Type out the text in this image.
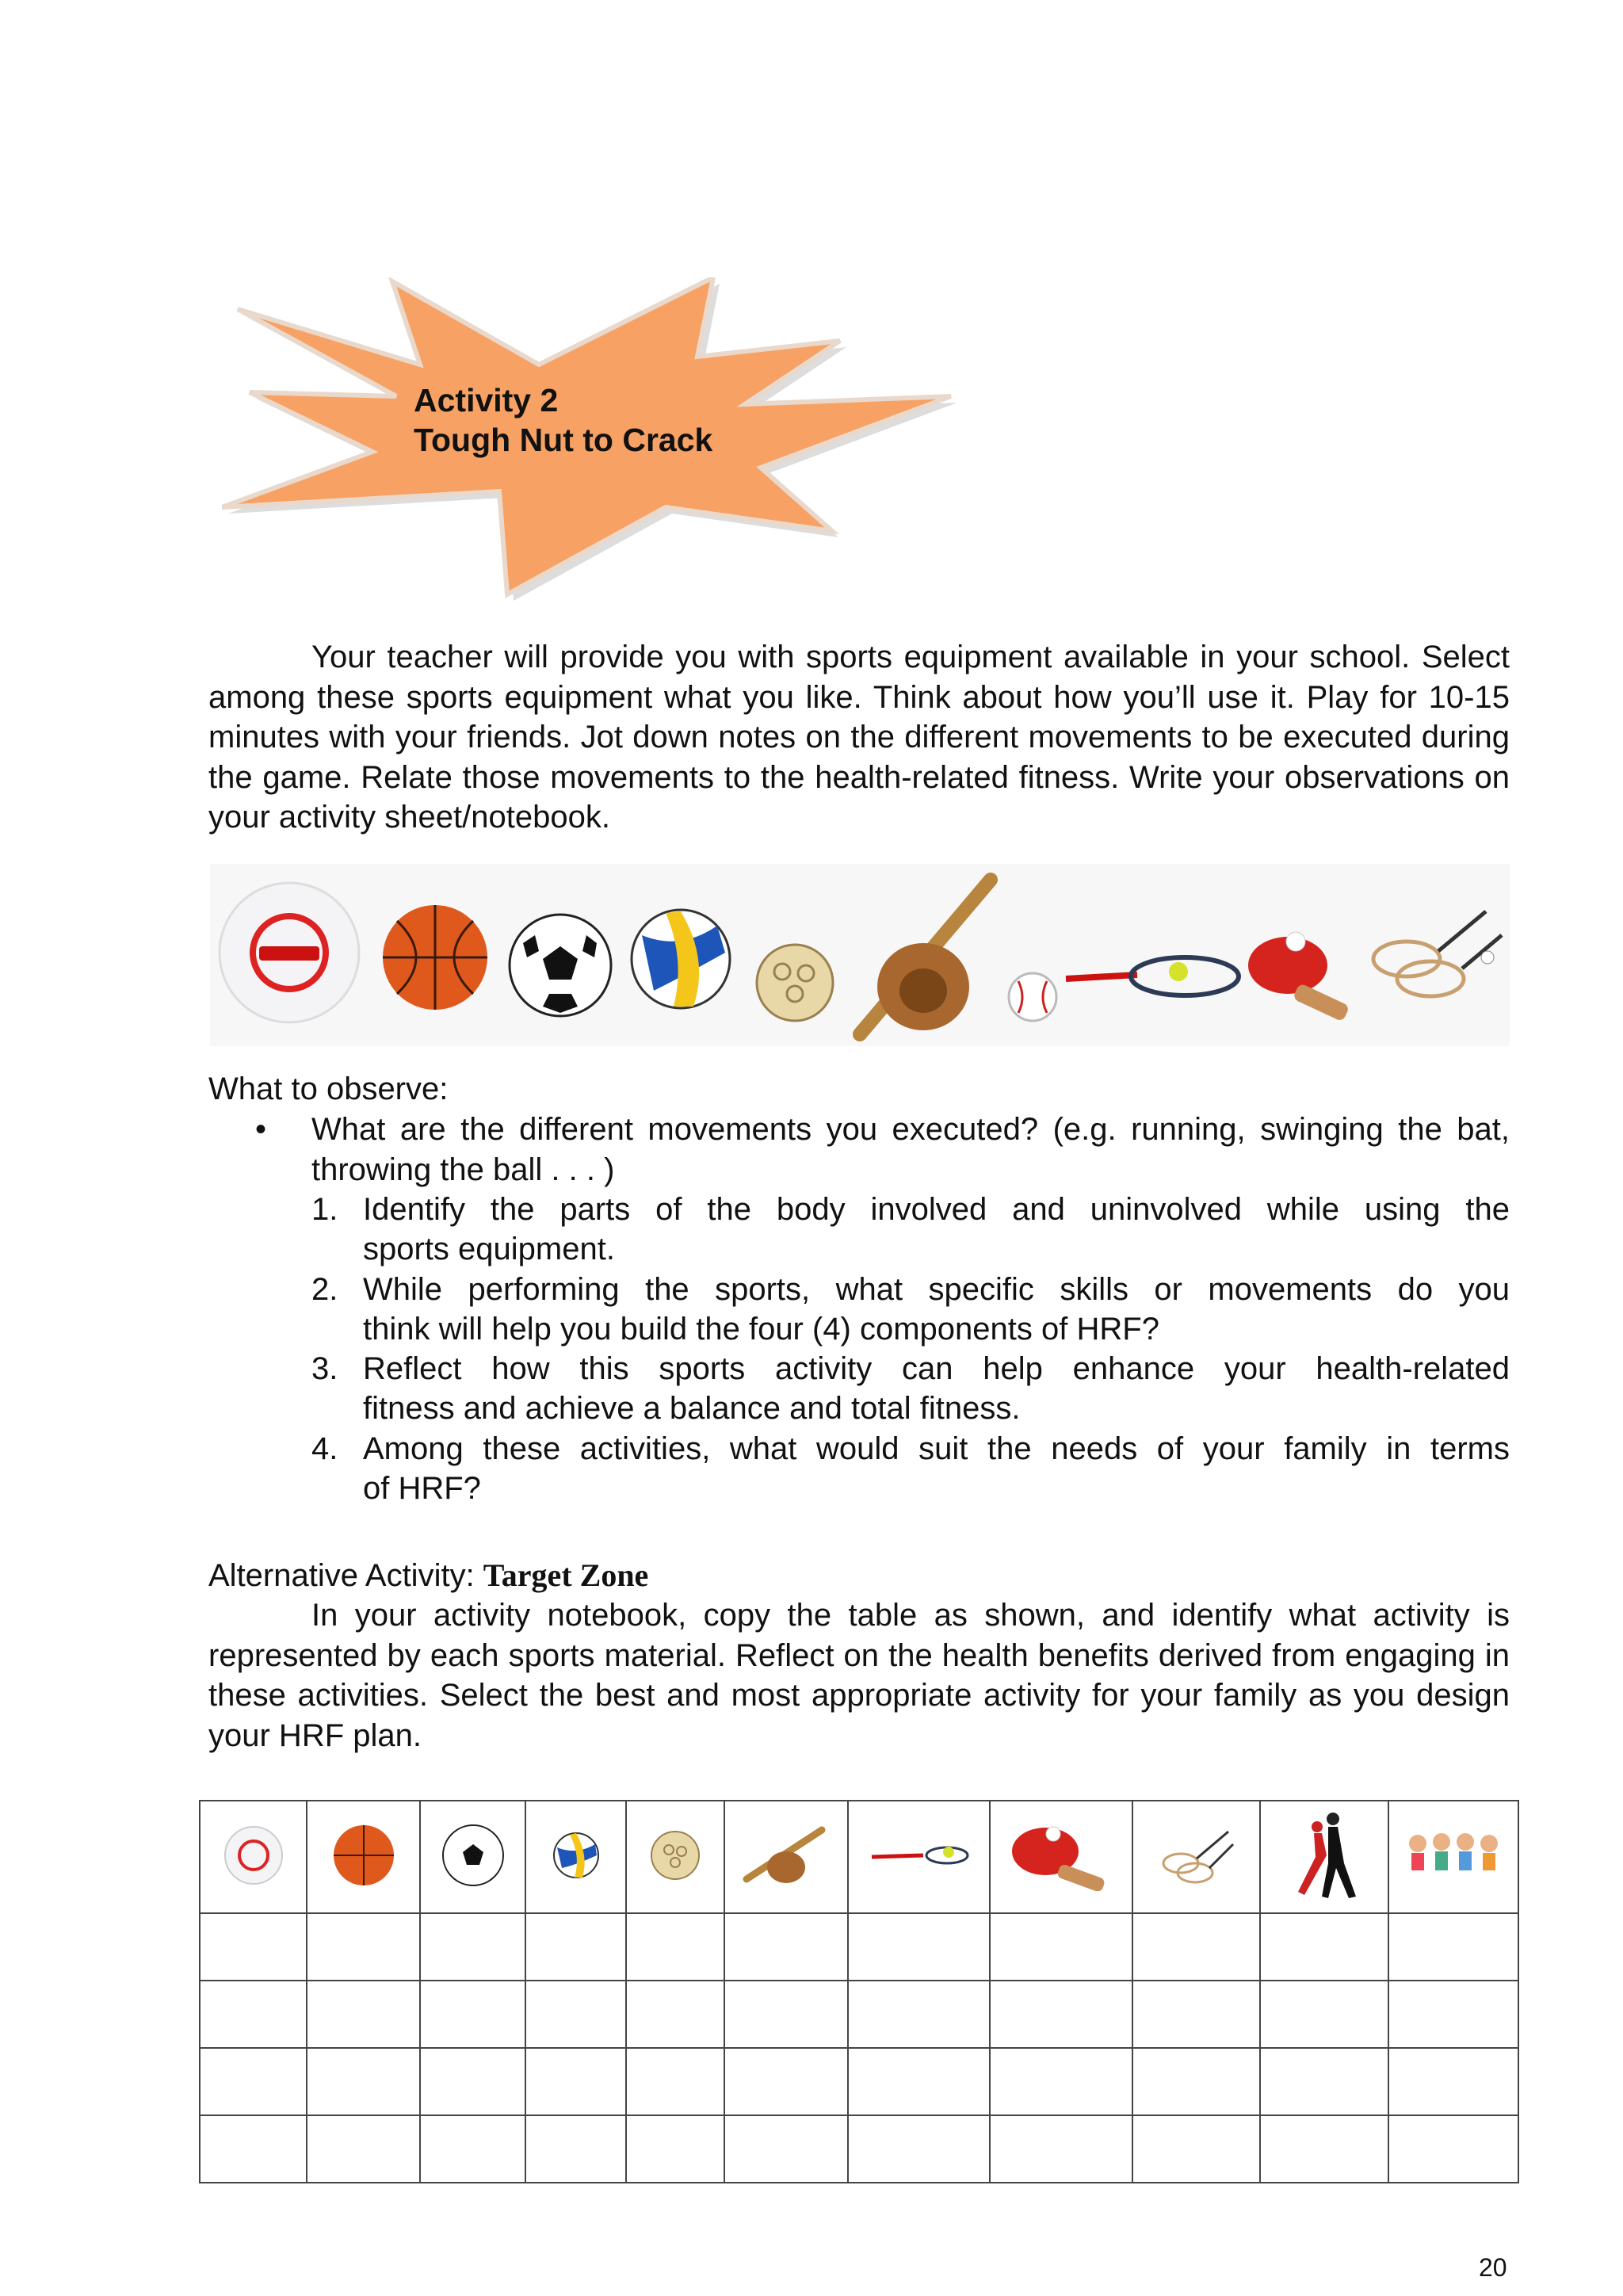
Activity 2
Tough Nut to Crack

Your teacher will provide you with sports equipment available in your school. Select among these sports equipment what you like. Think about how you’ll use it. Play for 10-15 minutes with your friends. Jot down notes on the different movements to be executed during the game. Relate those movements to the health-related fitness. Write your observations on your activity sheet/notebook.

What to observe:
• What are the different movements you executed? (e.g. running, swinging the bat, throwing the ball . . . )

1. Identify the parts of the body involved and uninvolved while using the
sports equipment.
2. While performing the sports, what specific skills or movements do you
think will help you build the four (4) components of HRF?
3. Reflect how this sports activity can help enhance your health-related
fitness and achieve a balance and total fitness.
4. Among these activities, what would suit the needs of your family in terms
of HRF?
Alternative Activity: Target Zone

In your activity notebook, copy the table as shown, and identify what activity is represented by each sports material. Reflect on the health benefits derived from engaging in these activities. Select the best and most appropriate activity for your family as you design your HRF plan.

20
